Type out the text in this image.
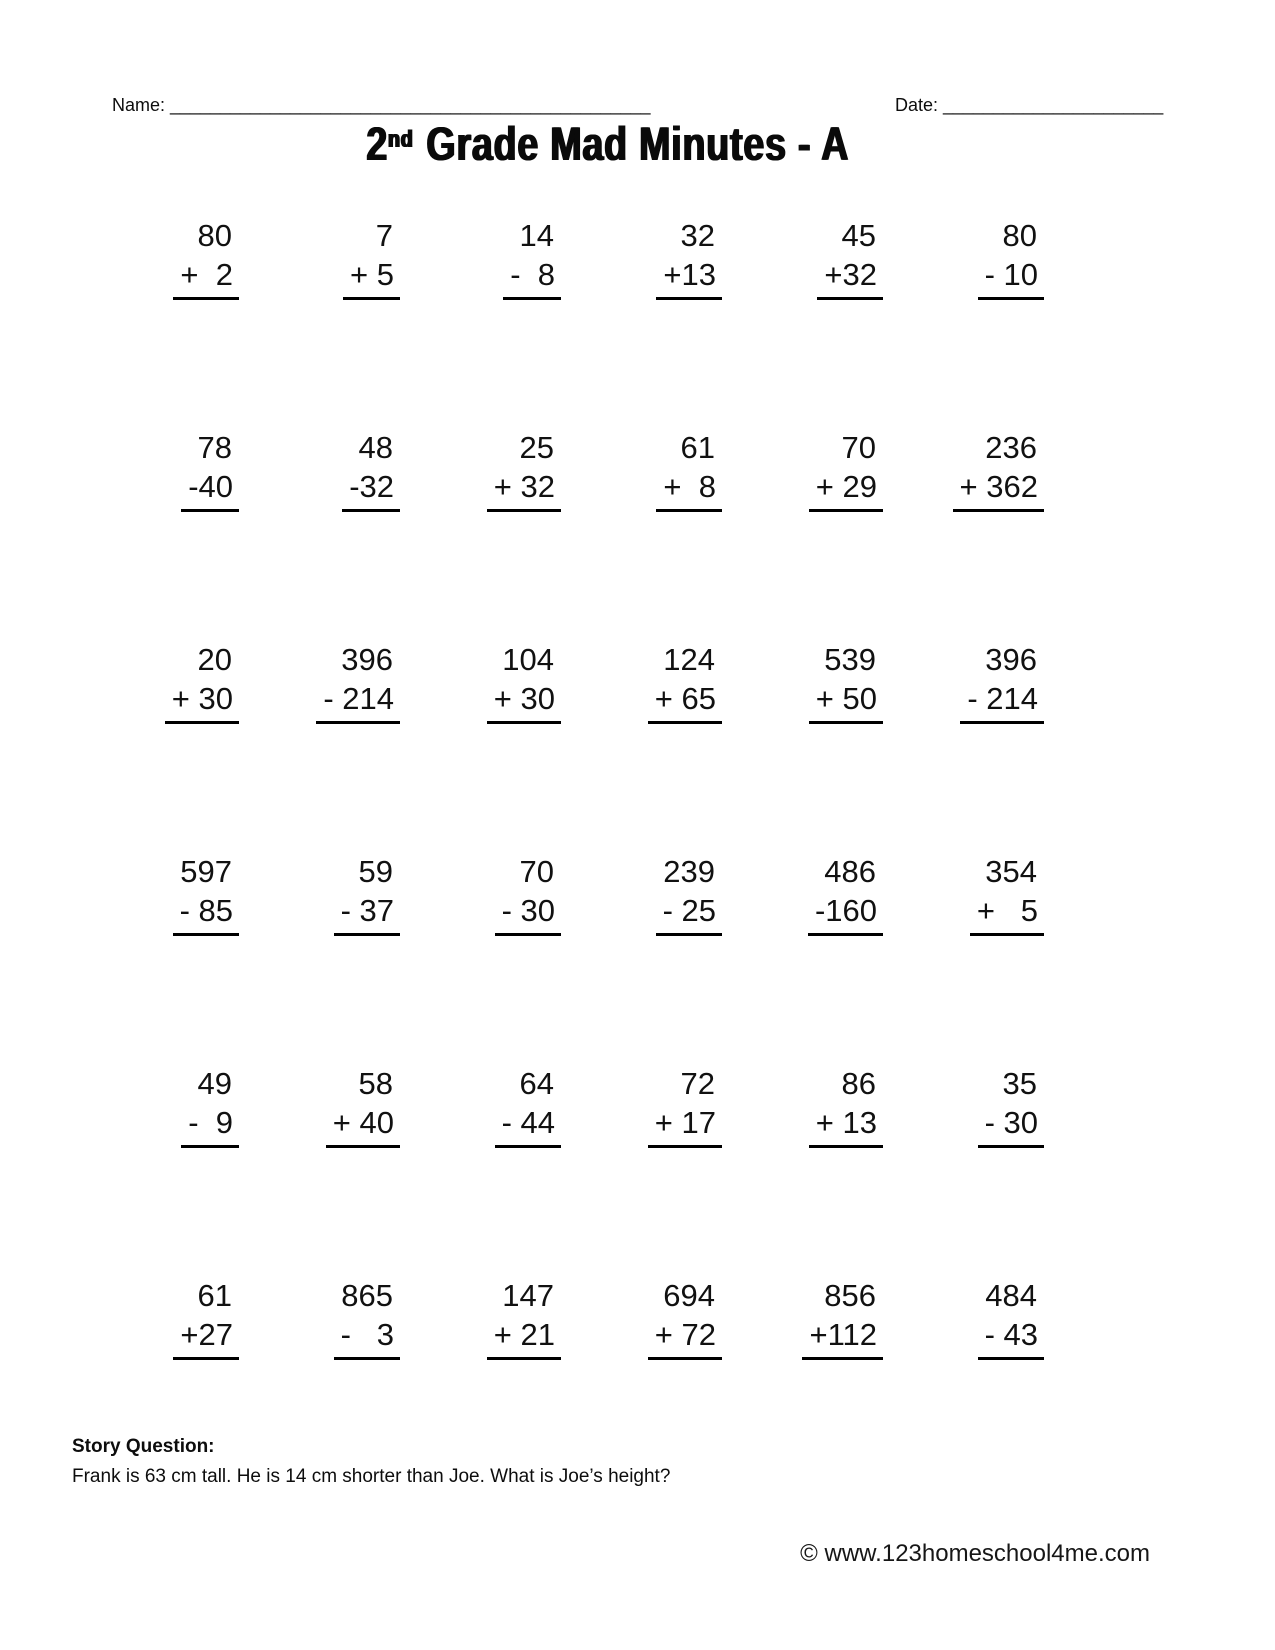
Name: ________________________________________________
	Date: ______________________

2nd Grade Mad Minutes - A
80
+  2
7
+ 5
14
-  8
32
+13
45
+32
80
- 10
78
-40
48
-32
25
+ 32
61
+  8
70
+ 29
236
+ 362
20
+ 30
396
- 214
104
+ 30
124
+ 65
539
+ 50
396
- 214
597
- 85
59
- 37
70
- 30
239
- 25
486
-160
354
+   5
49
-  9
58
+ 40
64
- 44
72
+ 17
86
+ 13
35
- 30
61
+27
865
-   3
147
+ 21
694
+ 72
856
+112
484
- 43
Story Question:
Frank is 63 cm tall. He is 14 cm shorter than Joe. What is Joe’s height?
© www.123homeschool4me.com
